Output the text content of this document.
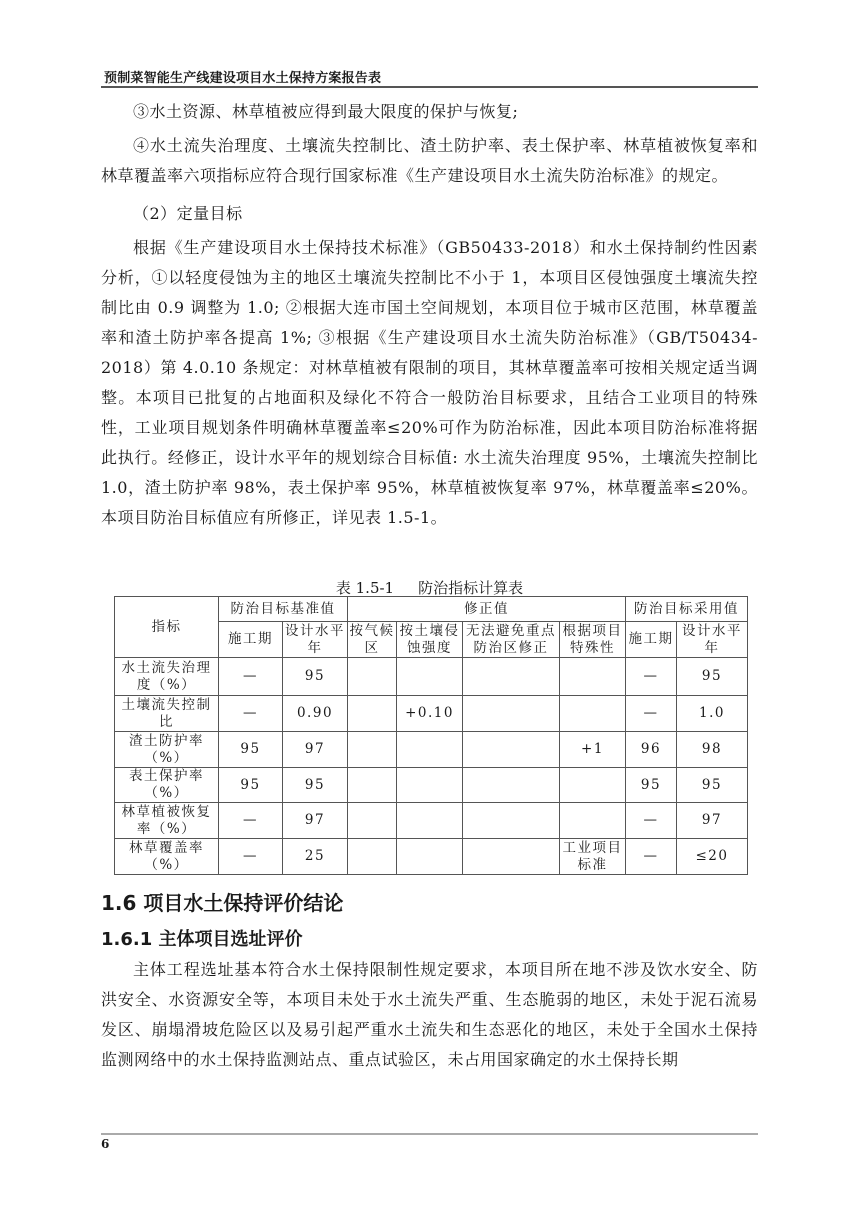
预制菜智能生产线建设项目水土保持方案报告表
③水土资源、林草植被应得到最大限度的保护与恢复;
④水土流失治理度、土壤流失控制比、渣土防护率、表土保护率、林草植被恢复率和林草覆盖率六项指标应符合现行国家标准《生产建设项目水土流失防治标准》的规定。
（2）定量目标
根据《生产建设项目水土保持技术标准》（GB50433-2018）和水土保持制约性因素分析，①以轻度侵蚀为主的地区土壤流失控制比不小于 1，本项目区侵蚀强度土壤流失控制比由 0.9 调整为 1.0; ②根据大连市国土空间规划，本项目位于城市区范围，林草覆盖率和渣土防护率各提高 1%; ③根据《生产建设项目水土流失防治标准》（GB/T50434-2018）第 4.0.10 条规定：对林草植被有限制的项目，其林草覆盖率可按相关规定适当调整。本项目已批复的占地面积及绿化不符合一般防治目标要求，且结合工业项目的特殊性，工业项目规划条件明确林草覆盖率≤20%可作为防治标准，因此本项目防治标准将据此执行。经修正，设计水平年的规划综合目标值: 水土流失治理度 95%，土壤流失控制比 1.0，渣土防护率 98%，表土保护率 95%，林草植被恢复率 97%，林草覆盖率≤20%。本项目防治目标值应有所修正，详见表 1.5-1。
表 1.5-1 防治指标计算表
指标	防治目标基准值		修正值				防治目标采用值	
	施工期	设计水平年	按气候区	按土壤侵蚀强度	无法避免重点防治区修正	根据项目特殊性	施工期	设计水平年
水土流失治理度（%）	—	95					—	95
土壤流失控制比	—	0.90		+0.10			—	1.0
渣土防护率（%）	95	97				+1	96	98
表土保护率（%）	95	95					95	95
林草植被恢复率（%）	—	97					—	97
林草覆盖率（%）	—	25				工业项目标准	—	≤20
1.6 项目水土保持评价结论
1.6.1 主体项目选址评价
主体工程选址基本符合水土保持限制性规定要求，本项目所在地不涉及饮水安全、防洪安全、水资源安全等，本项目未处于水土流失严重、生态脆弱的地区，未处于泥石流易发区、崩塌滑坡危险区以及易引起严重水土流失和生态恶化的地区，未处于全国水土保持监测网络中的水土保持监测站点、重点试验区，未占用国家确定的水土保持长期
6
